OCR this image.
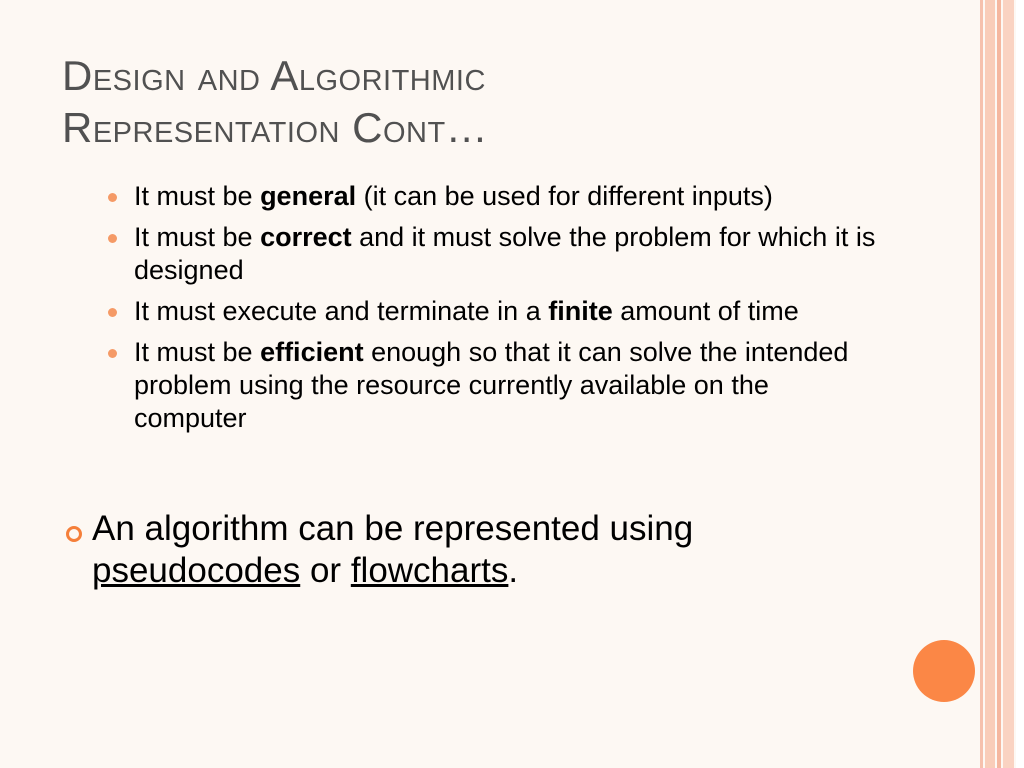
Design and Algorithmic
Representation Cont…
It must be general (it can be used for different inputs)
It must be correct and it must solve the problem for which it is designed
It must execute and terminate in a finite amount of time
It must be efficient enough so that it can solve the intended problem using the resource currently available on the computer
An algorithm can be represented using pseudocodes or flowcharts.
